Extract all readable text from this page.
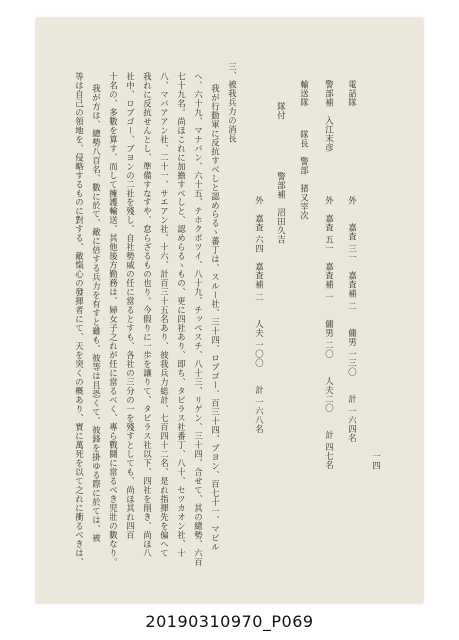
一四
電話隊
外　　嘉査 三一　嘉査補 二　　傭男 一三〇　　計 一六四名
警部補　入江末彦
外　嘉査 五一　嘉査補 一　　傭男 二〇　　人夫二〇　　計 四七名
輸送隊
隊長　警部　猪又宰次
隊付
警部補　沼田久吉
外　嘉査 六四　嘉査補 二　　人夫 一〇〇　　計 一六八名
三、被我兵力の消長
我が行動軍に反抗すべしと認めらるゝ蕃丁は、スルー社、三十四、ロブゴー、百三十四、ブヨン、百七十一、マビル
ヘ、六十九、マナバン、六十五、テホクボツイ、八十九、チッペスチ、八十三、リゲン、三十四、合せて、其の總勢、六百
七十九名。尚ほこれに加擔すべしと、認めらるゝもの、更に四社あり、即ち、タビラス社番丁、八十、セツカオン社、十
八、マバアアン社、二十一、サエアン社、十六、計百三十五名あり、彼我兵力総計、七百四十二名、是れ指揮先を偏へて
我れに反抗せんとし、準備すなすや、怠らざるもの也り。今假りに一歩を讓りて、タビラス社以下、四社を削き、尚ほ八
社中、ロブゴー、ブヨンの二社を殘し、自社勢威の任に當るとすも、各社の三分の一を殘すとしても、尚ほ其れ四百
十名の、多數を算す、而して擁護輸送、其他後方勤務は、婦女子之れが任に當るべく、專ら戰鬪に當るべき児壯の數なり。
我が方は、總勢八百名、數に於て、敵に倍する兵力を有すと雖も、彼等は且恐くて、彼鋒を掛ゆる際に於ては、被
等は自己の領地を、侵略するものに對する、敵愾心の發揮者にて、天を突くの概あり、實に萬死を以て之れに衝るべきは、
20190310970_P069
